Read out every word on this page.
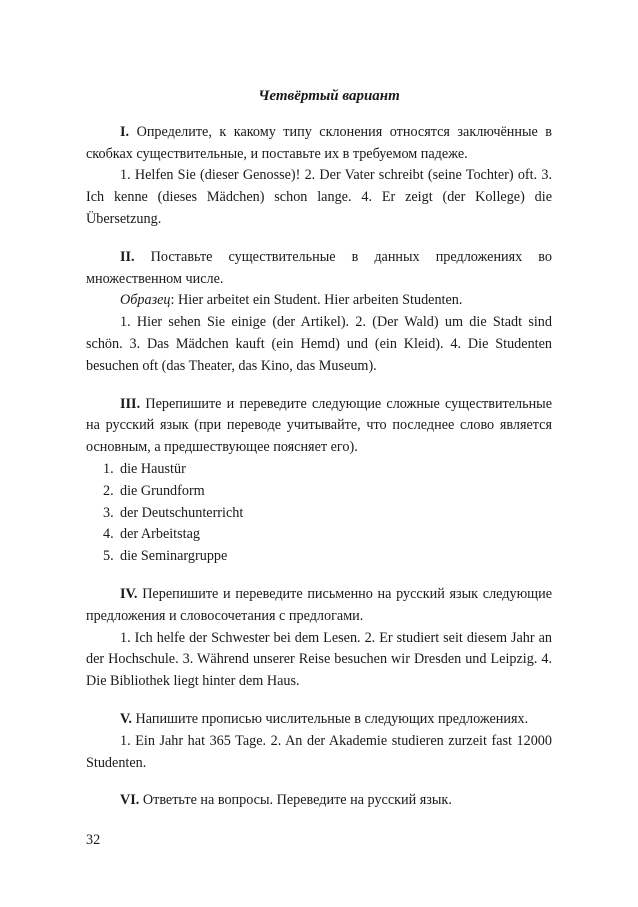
Четвёртый вариант
I. Определите, к какому типу склонения относятся заключённые в скобках существительные, и поставьте их в требуемом падеже.
1. Helfen Sie (dieser Genosse)! 2. Der Vater schreibt (seine Tochter) oft. 3. Ich kenne (dieses Mädchen) schon lange. 4. Er zeigt (der Kollege) die Übersetzung.
II. Поставьте существительные в данных предложениях во множественном числе.
Образец: Hier arbeitet ein Student. Hier arbeiten Studenten.
1. Hier sehen Sie einige (der Artikel). 2. (Der Wald) um die Stadt sind schön. 3. Das Mädchen kauft (ein Hemd) und (ein Kleid). 4. Die Studenten besuchen oft (das Theater, das Kino, das Museum).
III. Перепишите и переведите следующие сложные существительные на русский язык (при переводе учитывайте, что последнее слово является основным, а предшествующее поясняет его).
1. die Haustür
2. die Grundform
3. der Deutschunterricht
4. der Arbeitstag
5. die Seminargruppe
IV. Перепишите и переведите письменно на русский язык следующие предложения и словосочетания с предлогами.
1. Ich helfe der Schwester bei dem Lesen. 2. Er studiert seit diesem Jahr an der Hochschule. 3. Während unserer Reise besuchen wir Dresden und Leipzig. 4. Die Bibliothek liegt hinter dem Haus.
V. Напишите прописью числительные в следующих предложениях.
1. Ein Jahr hat 365 Tage. 2. An der Akademie studieren zurzeit fast 12000 Studenten.
VI. Ответьте на вопросы. Переведите на русский язык.
32
